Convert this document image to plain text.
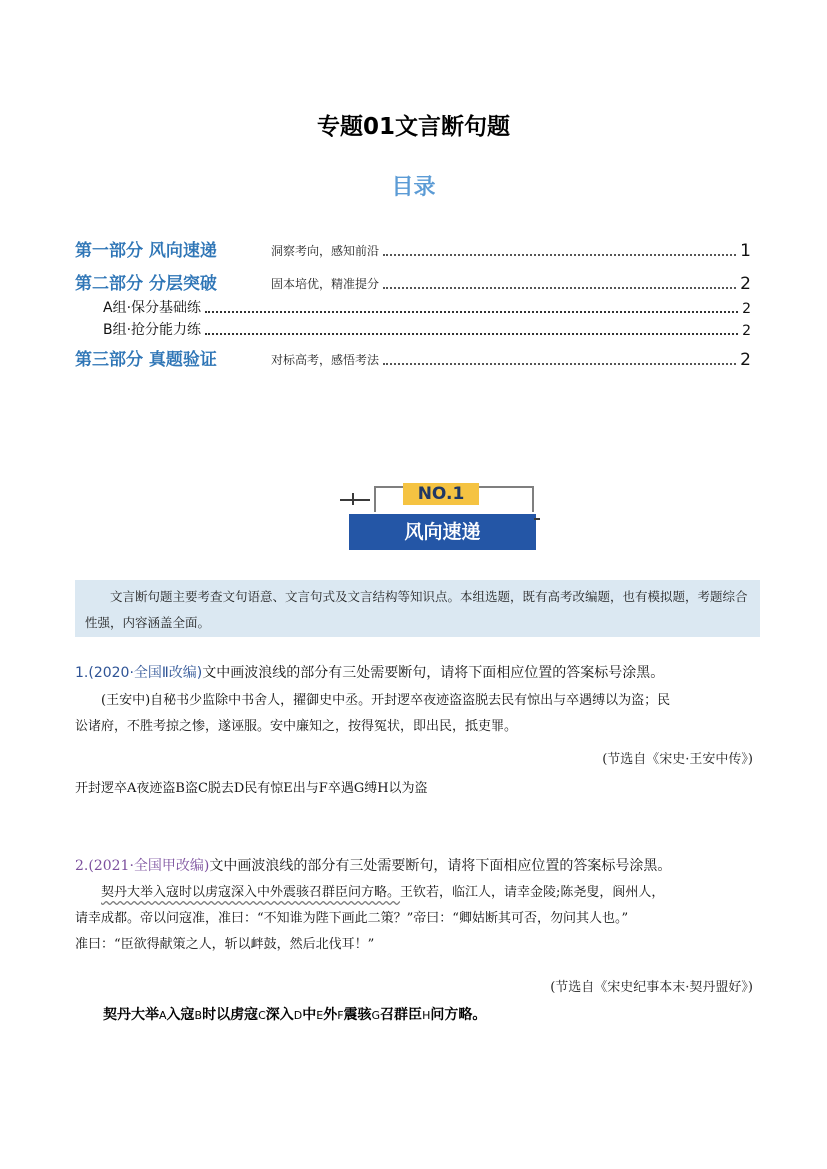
专题01文言断句题
目录
第一部分 风向速递	洞察考向，感知前沿	1
第二部分 分层突破	固本培优，精准提分	2
A组·保分基础练	2
B组·抢分能力练	2
第三部分 真题验证	对标高考，感悟考法	2
NO.1
风向速递
文言断句题主要考查文句语意、文言句式及文言结构等知识点。本组选题，既有高考改编题，也有模拟题，考题综合性强，内容涵盖全面。
1.(2020·全国Ⅱ改编)文中画波浪线的部分有三处需要断句，请将下面相应位置的答案标号涂黑。
(王安中)自秘书少监除中书舍人，擢御史中丞。开封逻卒夜迹盗盗脱去民有惊出与卒遇缚以为盗；民
讼诸府，不胜考掠之惨，遂诬服。安中廉知之，按得冤状，即出民，抵吏罪。
(节选自《宋史·王安中传》)
开封逻卒A夜迹盗B盗C脱去D民有惊E出与F卒遇G缚H以为盗
2.(2021·全国甲改编)文中画波浪线的部分有三处需要断句，请将下面相应位置的答案标号涂黑。
契丹大举入寇时以虏寇深入中外震骇召群臣问方略。王钦若，临江人，请幸金陵;陈尧叟，阆州人，
请幸成都。帝以问寇准，准曰：“不知谁为陛下画此二策？”帝曰：“卿姑断其可否，勿问其人也。”
准曰：“臣欲得献策之人，斩以衅鼓，然后北伐耳！”
(节选自《宋史纪事本末·契丹盟好》)
契丹大举A入寇B时以虏寇C深入D中E外F震骇G召群臣H问方略。
